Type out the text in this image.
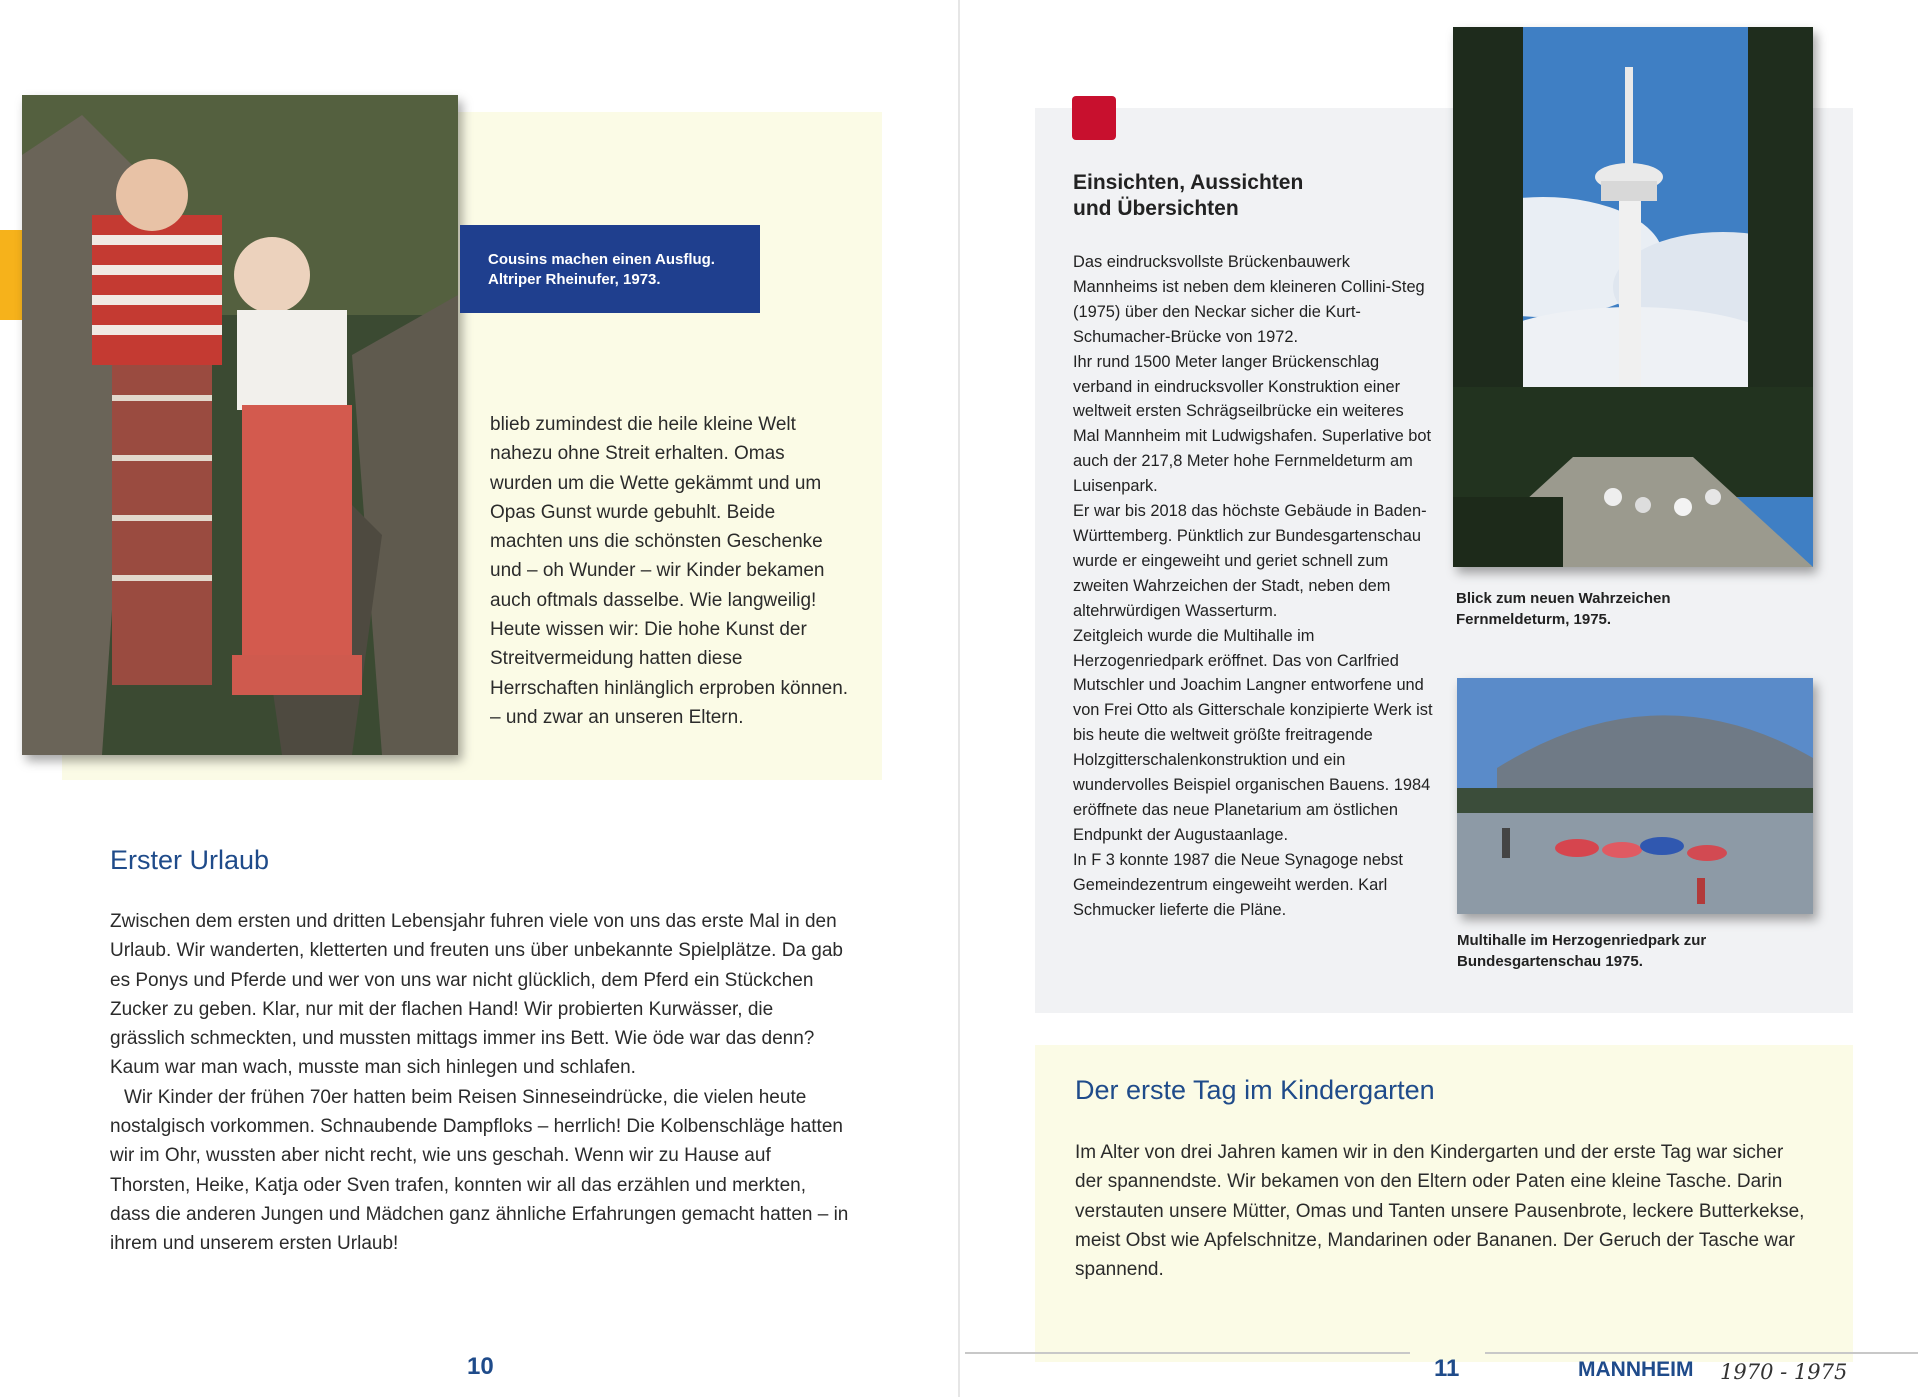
Cousins machen einen Ausflug.
Altriper Rheinufer, 1973.

blieb zumindest die heile kleine Welt nahezu ohne Streit erhalten. Omas wurden um die Wette gekämmt und um Opas Gunst wurde gebuhlt. Beide machten uns die schönsten Geschenke und – oh Wunder – wir Kinder bekamen auch oftmals dasselbe. Wie langweilig! Heute wissen wir: Die hohe Kunst der Streitvermeidung hatten diese Herrschaften hinlänglich erproben können. – und zwar an unseren Eltern.

Erster Urlaub

Zwischen dem ersten und dritten Lebensjahr fuhren viele von uns das erste Mal in den Urlaub. Wir wanderten, kletterten und freuten uns über unbekannte Spielplätze. Da gab es Ponys und Pferde und wer von uns war nicht glücklich, dem Pferd ein Stückchen Zucker zu geben. Klar, nur mit der flachen Hand! Wir probierten Kurwässer, die grässlich schmeckten, und mussten mittags immer ins Bett. Wie öde war das denn? Kaum war man wach, musste man sich hinlegen und schlafen.

Wir Kinder der frühen 70er hatten beim Reisen Sinneseindrücke, die vielen heute nostalgisch vorkommen. Schnaubende Dampfloks – herrlich! Die Kolbenschläge hatten wir im Ohr, wussten aber nicht recht, wie uns geschah. Wenn wir zu Hause auf Thorsten, Heike, Katja oder Sven trafen, konnten wir all das erzählen und merkten, dass die anderen Jungen und Mädchen ganz ähnliche Erfahrungen gemacht hatten – in ihrem und unserem ersten Urlaub!

10
Einsichten, Aussichten
und Übersichten

Das eindrucksvollste Brückenbauwerk Mannheims ist neben dem kleineren Collini-Steg (1975) über den Neckar sicher die Kurt-Schumacher-Brücke von 1972.

Ihr rund 1500 Meter langer Brückenschlag verband in eindrucksvoller Konstruktion einer weltweit ersten Schrägseilbrücke ein weiteres Mal Mannheim mit Ludwigshafen. Superlative bot auch der 217,8 Meter hohe Fernmeldeturm am Luisenpark.

Er war bis 2018 das höchste Gebäude in Baden-Württemberg. Pünktlich zur Bundesgartenschau wurde er eingeweiht und geriet schnell zum zweiten Wahrzeichen der Stadt, neben dem altehrwürdigen Wasserturm.

Zeitgleich wurde die Multihalle im Herzogenriedpark eröffnet. Das von Carlfried Mutschler und Joachim Langner entworfene und von Frei Otto als Gitterschale konzipierte Werk ist bis heute die weltweit größte freitragende Holzgitterschalenkonstruktion und ein wundervolles Beispiel organischen Bauens. 1984 eröffnete das neue Planetarium am östlichen Endpunkt der Augustaanlage.

In F 3 konnte 1987 die Neue Synagoge nebst Gemeindezentrum eingeweiht werden. Karl Schmucker lieferte die Pläne.

Blick zum neuen Wahrzeichen
Fernmeldeturm, 1975.
Multihalle im Herzogenriedpark zur
Bundesgartenschau 1975.
Der erste Tag im Kindergarten

Im Alter von drei Jahren kamen wir in den Kindergarten und der erste Tag war sicher der spannendste. Wir bekamen von den Eltern oder Paten eine kleine Tasche. Darin verstauten unsere Mütter, Omas und Tanten unsere Pausenbrote, leckere Butterkekse, meist Obst wie Apfelschnitze, Mandarinen oder Bananen. Der Geruch der Tasche war spannend.

11	MANNHEIM 1970 - 1975
